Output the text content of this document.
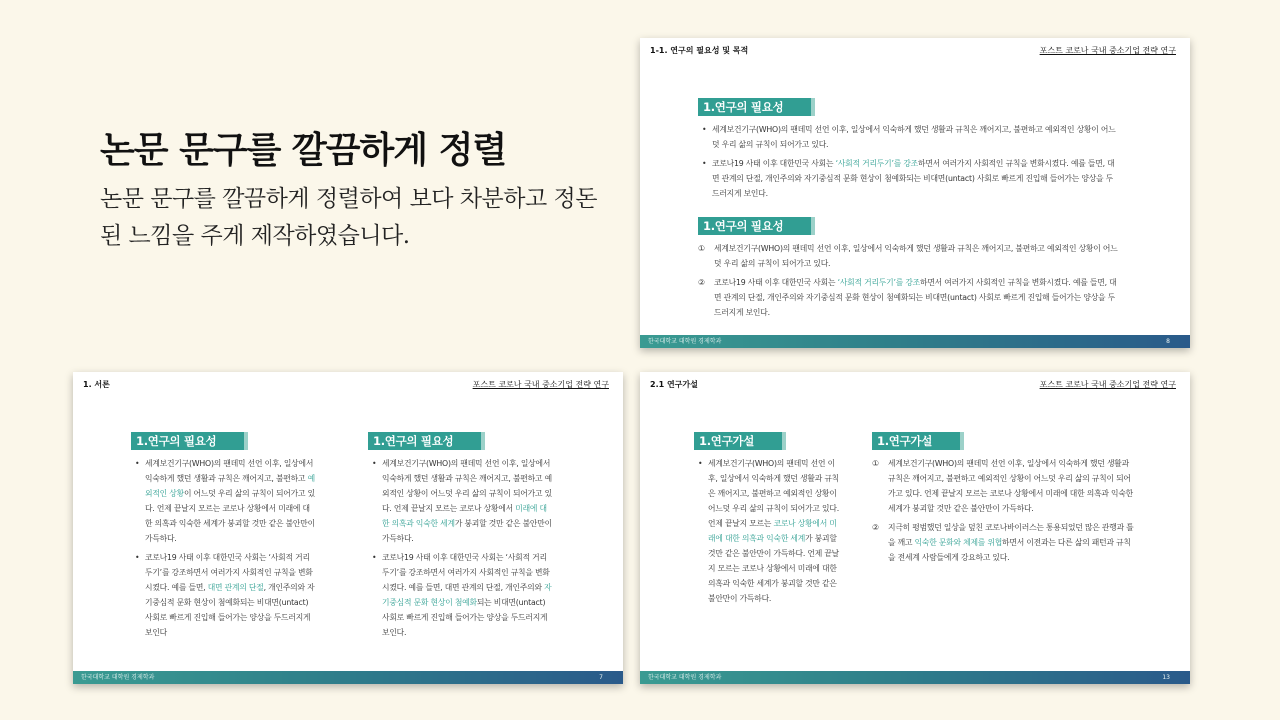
논문 문구를 깔끔하게 정렬

논문 문구를 깔끔하게 정렬하여 보다 차분하고 정돈된 느낌을 주게 제작하였습니다.

1-1. 연구의 필요성 및 목적	포스트 코로나 국내 중소기업 전략 연구
1.연구의 필요성
• 세계보건기구(WHO)의 팬데믹 선언 이후, 일상에서 익숙하게 했던 생활과 규칙은 깨어지고, 불편하고 예외적인 상황이 어느덧 우리 삶의 규칙이 되어가고 있다.
• 코로나19 사태 이후 대한민국 사회는 ‘사회적 거리두기’를 강조하면서 여러가지 사회적인 규칙을 변화시켰다. 예를 들면, 대면 관계의 단절, 개인주의와 자기중심적 문화 현상이 첨예화되는 비대면(untact) 사회로 빠르게 진입해 들어가는 양상을 두드러지게 보인다.
1.연구의 필요성
① 세계보건기구(WHO)의 팬데믹 선언 이후, 일상에서 익숙하게 했던 생활과 규칙은 깨어지고, 불편하고 예외적인 상황이 어느덧 우리 삶의 규칙이 되어가고 있다.
② 코로나19 사태 이후 대한민국 사회는 ‘사회적 거리두기’를 강조하면서 여러가지 사회적인 규칙을 변화시켰다. 예를 들면, 대면 관계의 단절, 개인주의와 자기중심적 문화 현상이 첨예화되는 비대면(untact) 사회로 빠르게 진입해 들어가는 양상을 두드러지게 보인다.
한국대학교 대학원 경제학과	8
1. 서론	포스트 코로나 국내 중소기업 전략 연구
1.연구의 필요성
• 세계보건기구(WHO)의 팬데믹 선언 이후, 일상에서 익숙하게 했던 생활과 규칙은 깨어지고, 불편하고 예외적인 상황이 어느덧 우리 삶의 규칙이 되어가고 있다. 언제 끝날지 모르는 코로나 상황에서 미래에 대한 의혹과 익숙한 세계가 붕괴할 것만 같은 불안만이 가득하다.
• 코로나19 사태 이후 대한민국 사회는 ‘사회적 거리두기’를 강조하면서 여러가지 사회적인 규칙을 변화시켰다. 예를 들면, 대면 관계의 단절, 개인주의와 자기중심적 문화 현상이 첨예화되는 비대면(untact) 사회로 빠르게 진입해 들어가는 양상을 두드러지게 보인다
1.연구의 필요성
• 세계보건기구(WHO)의 팬데믹 선언 이후, 일상에서 익숙하게 했던 생활과 규칙은 깨어지고, 불편하고 예외적인 상황이 어느덧 우리 삶의 규칙이 되어가고 있다. 언제 끝날지 모르는 코로나 상황에서 미래에 대한 의혹과 익숙한 세계가 붕괴할 것만 같은 불안만이 가득하다.
• 코로나19 사태 이후 대한민국 사회는 ‘사회적 거리두기’를 강조하면서 여러가지 사회적인 규칙을 변화시켰다. 예를 들면, 대면 관계의 단절, 개인주의와 자기중심적 문화 현상이 첨예화되는 비대면(untact) 사회로 빠르게 진입해 들어가는 양상을 두드러지게 보인다.
한국대학교 대학원 경제학과	7
2.1 연구가설	포스트 코로나 국내 중소기업 전략 연구
1.연구가설
• 세계보건기구(WHO)의 팬데믹 선언 이후, 일상에서 익숙하게 했던 생활과 규칙은 깨어지고, 불편하고 예외적인 상황이 어느덧 우리 삶의 규칙이 되어가고 있다. 언제 끝날지 모르는 코로나 상황에서 미래에 대한 의혹과 익숙한 세계가 붕괴할 것만 같은 불안만이 가득하다. 언제 끝날지 모르는 코로나 상황에서 미래에 대한 의혹과 익숙한 세계가 붕괴할 것만 같은 불안만이 가득하다.
1.연구가설
① 세계보건기구(WHO)의 팬데믹 선언 이후, 일상에서 익숙하게 했던 생활과 규칙은 깨어지고, 불편하고 예외적인 상황이 어느덧 우리 삶의 규칙이 되어가고 있다. 언제 끝날지 모르는 코로나 상황에서 미래에 대한 의혹과 익숙한 세계가 붕괴할 것만 같은 불안만이 가득하다.
② 지극히 평범했던 일상을 덮친 코로나바이러스는 통용되었던 많은 관행과 틀을 깨고 익숙한 문화와 체제를 위협하면서 이전과는 다른 삶의 패턴과 규칙을 전세계 사람들에게 강요하고 있다.
한국대학교 대학원 경제학과	13
